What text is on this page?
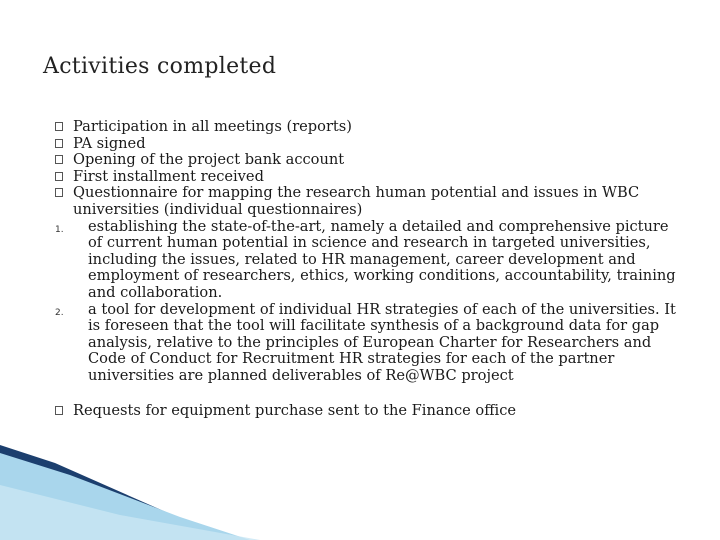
Activities completed
Participation in all meetings (reports)
PA signed
Opening of the project bank account
First installment received
Questionnaire for mapping the research human potential and issues in WBC universities (individual questionnaires)
1. establishing the state-of-the-art, namely a detailed and comprehensive picture of current human potential in science and research in targeted universities, including the issues, related to HR management, career development and employment of researchers, ethics, working conditions, accountability, training and collaboration.
2. a tool for development of individual HR strategies of each of the universities. It is foreseen that the tool will facilitate synthesis of a background data for gap analysis, relative to the principles of European Charter for Researchers and Code of Conduct for Recruitment HR strategies for each of the partner universities are planned deliverables of Re@WBC project
Requests for equipment purchase sent to the Finance office
